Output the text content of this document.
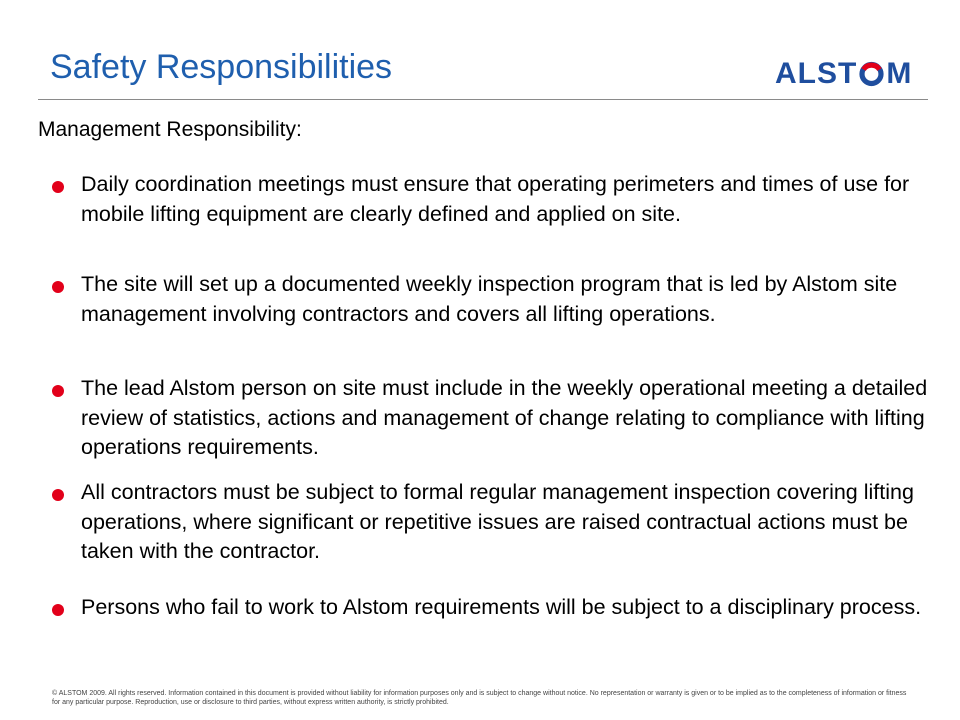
Safety Responsibilities	ALST M
Management Responsibility:
Daily coordination meetings must ensure that operating perimeters and times of use for mobile lifting equipment are clearly defined and applied on site.
The site will set up a documented weekly inspection program that is led by Alstom site management involving contractors and covers all lifting operations.
The lead Alstom person on site must include in the weekly operational meeting a detailed review of statistics, actions and management of change relating to compliance with lifting operations requirements.
All contractors must be subject to formal regular management inspection covering lifting operations, where significant or repetitive issues are raised contractual actions must be taken with the contractor.
Persons who fail to work to Alstom requirements will be subject to a disciplinary process.
© ALSTOM 2009. All rights reserved. Information contained in this document is provided without liability for information purposes only and is subject to change without notice. No representation or warranty is given or to be implied as to the completeness of information or fitness for any particular purpose. Reproduction, use or disclosure to third parties, without express written authority, is strictly prohibited.
